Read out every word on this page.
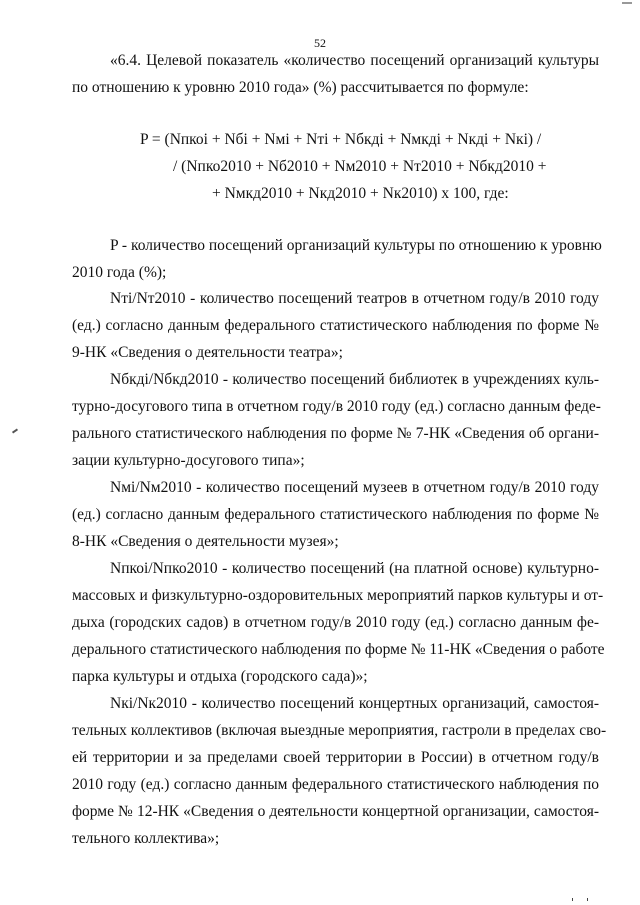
52
«6.4. Целевой показатель «количество посещений организаций культуры
по отношению к уровню 2010 года» (%) рассчитывается по формуле:
P = (Nпкоi + Nбi + Nмi + Nтi + Nбкдi + Nмкдi + Nкдi + Nкi) /
/ (Nпко2010 + Nб2010 + Nм2010 + Nт2010 + Nбкд2010 +
+ Nмкд2010 + Nкд2010 + Nк2010) x 100, где:
P - количество посещений организаций культуры по отношению к уровню
2010 года (%);
Nтi/Nт2010 - количество посещений театров в отчетном году/в 2010 году
(ед.) согласно данным федерального статистического наблюдения по форме №
9-НК «Сведения о деятельности театра»;
Nбкдi/Nбкд2010 - количество посещений библиотек в учреждениях куль-
турно-досугового типа в отчетном году/в 2010 году (ед.) согласно данным феде-
рального статистического наблюдения по форме № 7-НК «Сведения об органи-
зации культурно-досугового типа»;
Nмi/Nм2010 - количество посещений музеев в отчетном году/в 2010 году
(ед.) согласно данным федерального статистического наблюдения по форме №
8-НК «Сведения о деятельности музея»;
Nпкоi/Nпко2010 - количество посещений (на платной основе) культурно-
массовых и физкультурно-оздоровительных мероприятий парков культуры и от-
дыха (городских садов) в отчетном году/в 2010 году (ед.) согласно данным фе-
дерального статистического наблюдения по форме № 11-НК «Сведения о работе
парка культуры и отдыха (городского сада)»;
Nкi/Nк2010 - количество посещений концертных организаций, самостоя-
тельных коллективов (включая выездные мероприятия, гастроли в пределах сво-
ей территории и за пределами своей территории в России) в отчетном году/в
2010 году (ед.) согласно данным федерального статистического наблюдения по
форме № 12-НК «Сведения о деятельности концертной организации, самостоя-
тельного коллектива»;
